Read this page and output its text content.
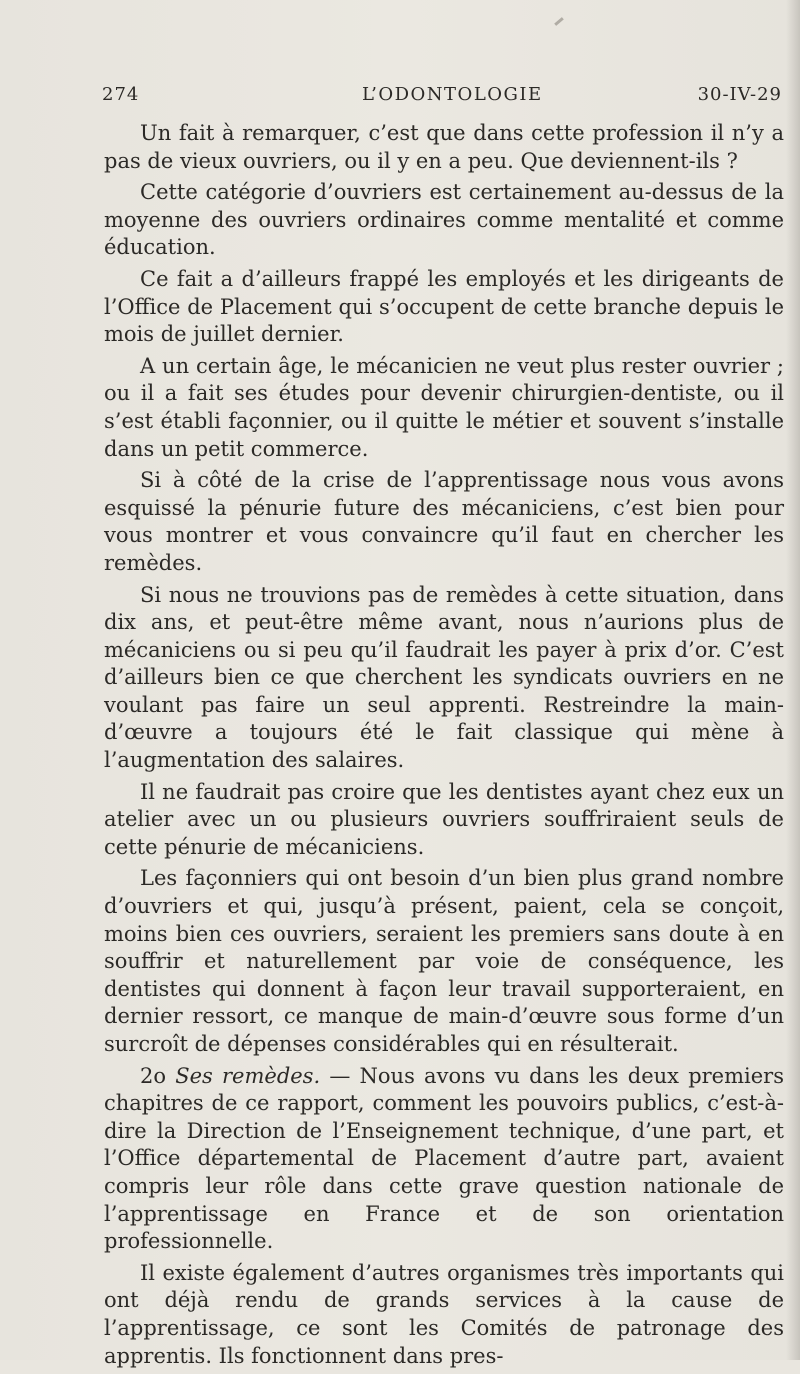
274	L’ODONTOLOGIE	30-IV-29

Un fait à remarquer, c’est que dans cette profession il n’y a pas de vieux ouvriers, ou il y en a peu. Que deviennent-ils ?

Cette catégorie d’ouvriers est certainement au-dessus de la moyenne des ouvriers ordinaires comme mentalité et comme éducation.

Ce fait a d’ailleurs frappé les employés et les dirigeants de l’Office de Placement qui s’occupent de cette branche depuis le mois de juillet dernier.

A un certain âge, le mécanicien ne veut plus rester ouvrier ; ou il a fait ses études pour devenir chirurgien-dentiste, ou il s’est établi façonnier, ou il quitte le métier et souvent s’installe dans un petit commerce.

Si à côté de la crise de l’apprentissage nous vous avons esquissé la pénurie future des mécaniciens, c’est bien pour vous montrer et vous convaincre qu’il faut en chercher les remèdes.

Si nous ne trouvions pas de remèdes à cette situation, dans dix ans, et peut-être même avant, nous n’aurions plus de mécaniciens ou si peu qu’il faudrait les payer à prix d’or. C’est d’ailleurs bien ce que cherchent les syndicats ouvriers en ne voulant pas faire un seul apprenti. Restreindre la main-d’œuvre a toujours été le fait classique qui mène à l’augmentation des salaires.

Il ne faudrait pas croire que les dentistes ayant chez eux un atelier avec un ou plusieurs ouvriers souffriraient seuls de cette pénurie de mécaniciens.

Les façonniers qui ont besoin d’un bien plus grand nombre d’ouvriers et qui, jusqu’à présent, paient, cela se conçoit, moins bien ces ouvriers, seraient les premiers sans doute à en souffrir et naturellement par voie de conséquence, les dentistes qui donnent à façon leur travail supporteraient, en dernier ressort, ce manque de main-d’œuvre sous forme d’un surcroît de dépenses considérables qui en résulterait.

2o Ses remèdes. — Nous avons vu dans les deux premiers chapitres de ce rapport, comment les pouvoirs publics, c’est-à-dire la Direction de l’Enseignement technique, d’une part, et l’Office départemental de Placement d’autre part, avaient compris leur rôle dans cette grave question nationale de l’apprentissage en France et de son orientation professionnelle.

Il existe également d’autres organismes très importants qui ont déjà rendu de grands services à la cause de l’apprentissage, ce sont les Comités de patronage des apprentis. Ils fonctionnent dans pres-
